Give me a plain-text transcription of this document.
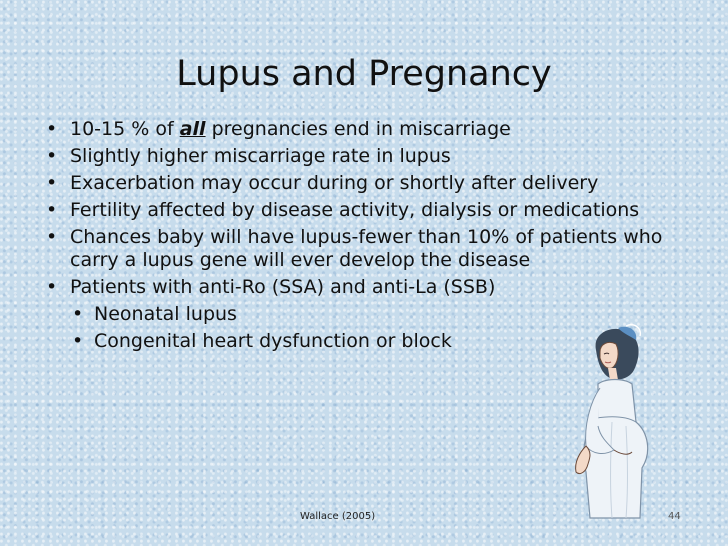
Lupus and Pregnancy
• 10-15 % of all pregnancies end in miscarriage
• Slightly higher miscarriage rate in lupus
• Exacerbation may occur during or shortly after delivery
• Fertility affected by disease activity, dialysis or medications
• Chances baby will have lupus-fewer than 10% of patients who carry a lupus gene will ever develop the disease
• Patients with anti-Ro (SSA) and anti-La (SSB)
• Neonatal lupus
• Congenital heart dysfunction or block
Wallace (2005)	44
